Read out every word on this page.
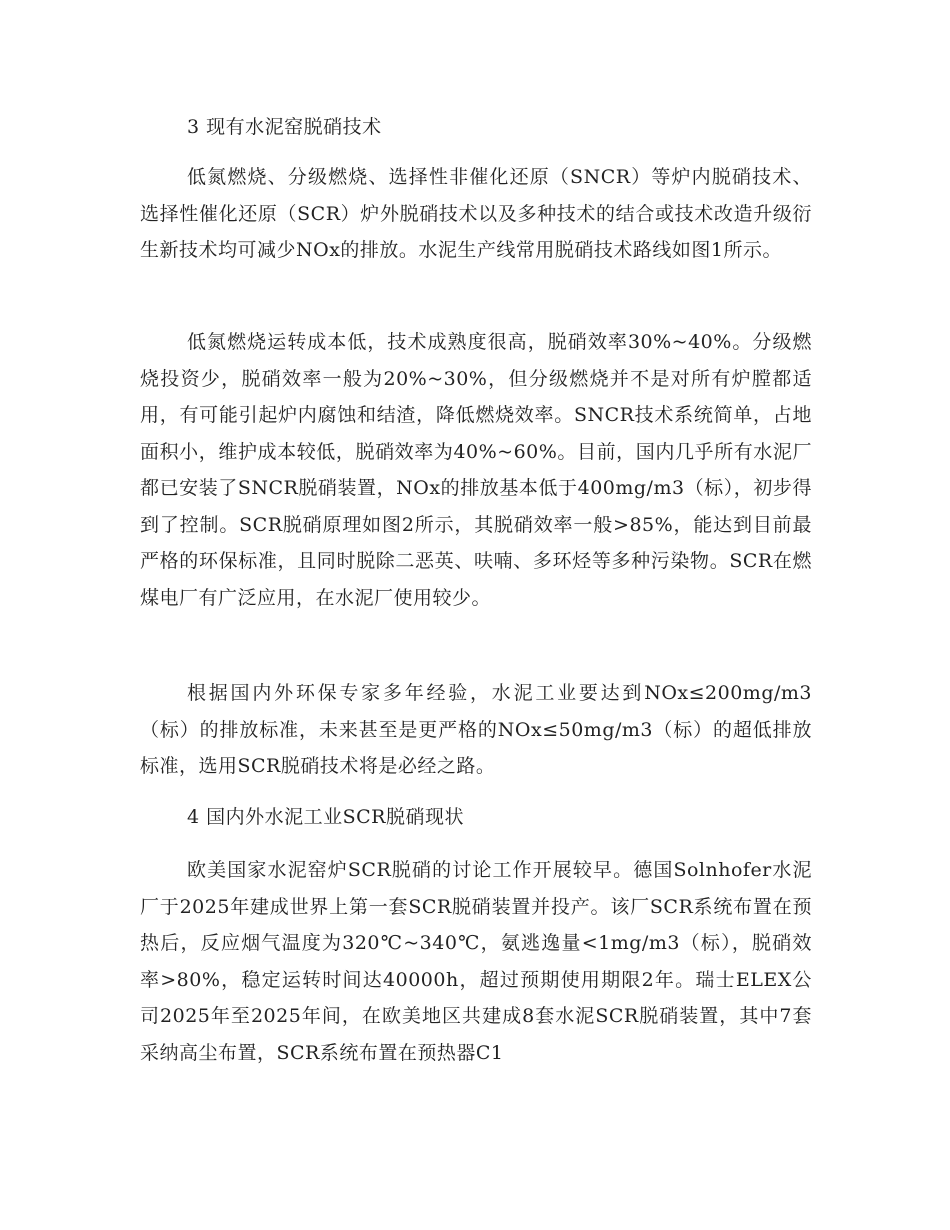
3 现有水泥窑脱硝技术

低氮燃烧、分级燃烧、选择性非催化还原（SNCR）等炉内脱硝技术、选择性催化还原（SCR）炉外脱硝技术以及多种技术的结合或技术改造升级衍生新技术均可减少NOx的排放。水泥生产线常用脱硝技术路线如图1所示。

低氮燃烧运转成本低，技术成熟度很高，脱硝效率30%~40%。分级燃烧投资少，脱硝效率一般为20%~30%，但分级燃烧并不是对所有炉膛都适用，有可能引起炉内腐蚀和结渣，降低燃烧效率。SNCR技术系统简单，占地面积小，维护成本较低，脱硝效率为40%~60%。目前，国内几乎所有水泥厂都已安装了SNCR脱硝装置，NOx的排放基本低于400mg/m3（标），初步得到了控制。SCR脱硝原理如图2所示，其脱硝效率一般>85%，能达到目前最严格的环保标准，且同时脱除二恶英、呋喃、多环烃等多种污染物。SCR在燃煤电厂有广泛应用，在水泥厂使用较少。

根据国内外环保专家多年经验，水泥工业要达到NOx≤200mg/m3（标）的排放标准，未来甚至是更严格的NOx≤50mg/m3（标）的超低排放标准，选用SCR脱硝技术将是必经之路。

4 国内外水泥工业SCR脱硝现状

欧美国家水泥窑炉SCR脱硝的讨论工作开展较早。德国Solnhofer水泥厂于2025年建成世界上第一套SCR脱硝装置并投产。该厂SCR系统布置在预热后，反应烟气温度为320℃~340℃，氨逃逸量<1mg/m3（标），脱硝效率>80%，稳定运转时间达40000h，超过预期使用期限2年。瑞士ELEX公司2025年至2025年间，在欧美地区共建成8套水泥SCR脱硝装置，其中7套采纳高尘布置，SCR系统布置在预热器C1
